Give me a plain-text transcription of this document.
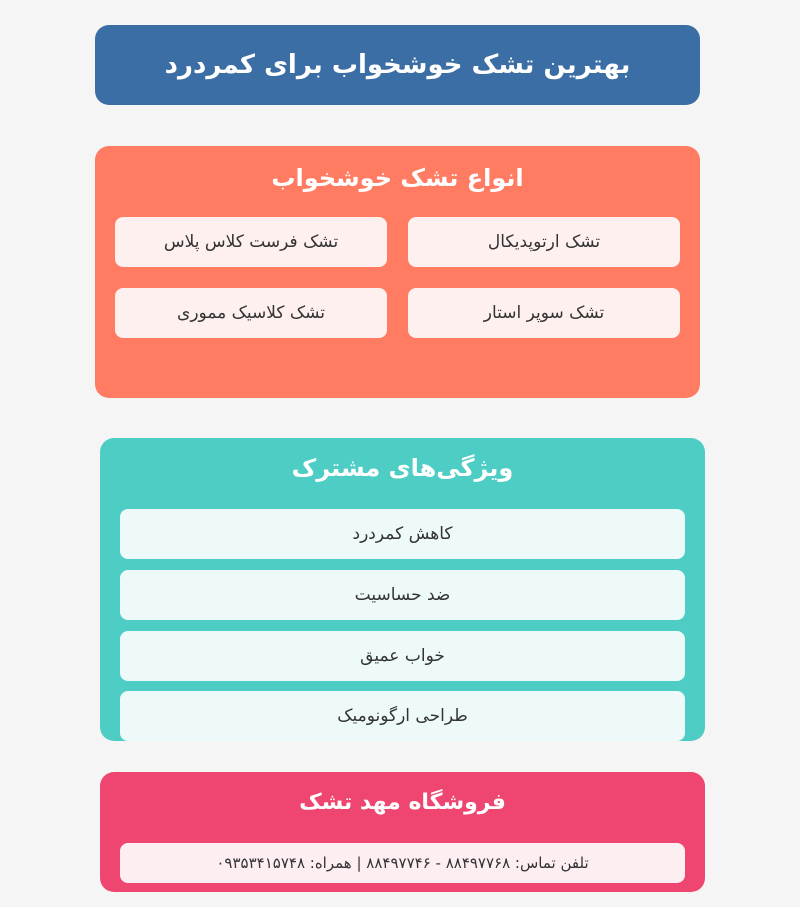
بهترین تشک خوشخواب برای کمردرد
انواع تشک خوشخواب
تشک ارتوپدیکال
تشک فرست کلاس پلاس
تشک سوپر استار
تشک کلاسیک مموری
ویژگی‌های مشترک
کاهش کمردرد
ضد حساسیت
خواب عمیق
طراحی ارگونومیک
فروشگاه مهد تشک
تلفن تماس: ۸۸۴۹۷۷۶۸ - ۸۸۴۹۷۷۴۶ | همراه: ۰۹۳۵۳۴۱۵۷۴۸
